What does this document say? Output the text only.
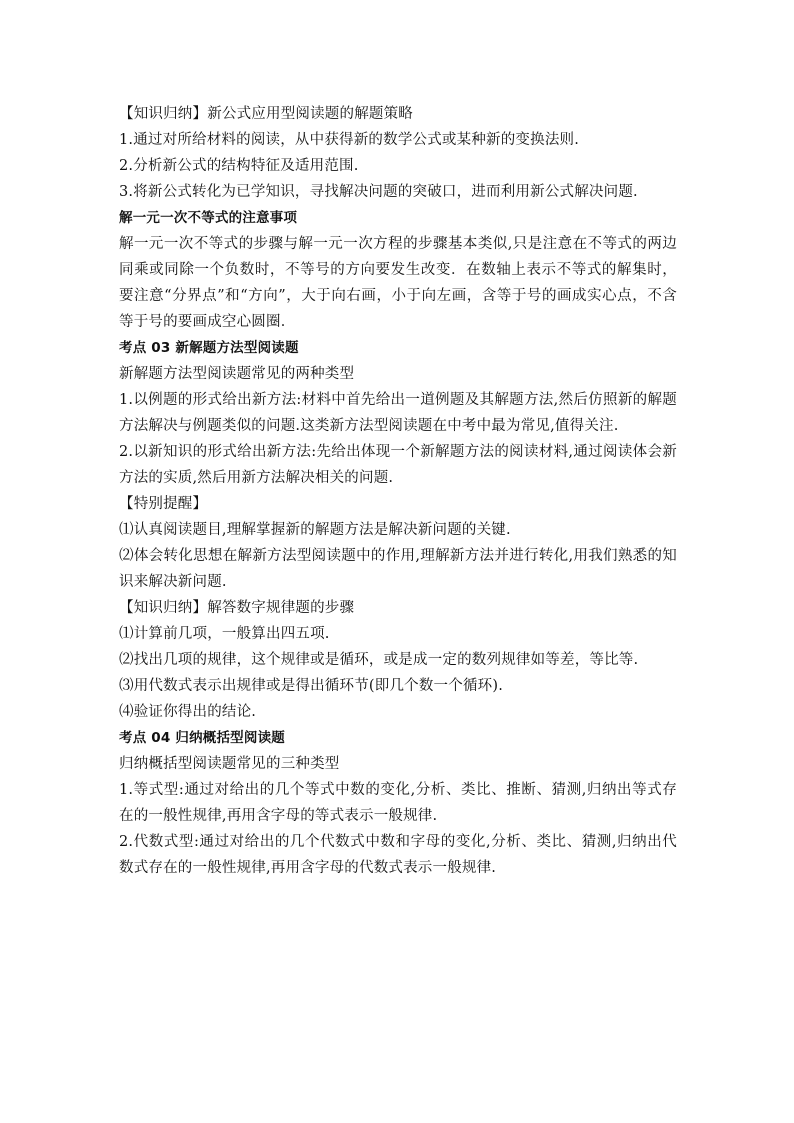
【知识归纳】新公式应用型阅读题的解题策略
1.通过对所给材料的阅读，从中获得新的数学公式或某种新的变换法则.
2.分析新公式的结构特征及适用范围.
3.将新公式转化为已学知识，寻找解决问题的突破口，进而利用新公式解决问题.
解一元一次不等式的注意事项
解一元一次不等式的步骤与解一元一次方程的步骤基本类似,只是注意在不等式的两边同乘或同除一个负数时，不等号的方向要发生改变．在数轴上表示不等式的解集时，要注意“分界点”和“方向”，大于向右画，小于向左画，含等于号的画成实心点，不含等于号的要画成空心圆圈．
考点 03 新解题方法型阅读题
新解题方法型阅读题常见的两种类型
1.以例题的形式给出新方法:材料中首先给出一道例题及其解题方法,然后仿照新的解题方法解决与例题类似的问题.这类新方法型阅读题在中考中最为常见,值得关注.
2.以新知识的形式给出新方法:先给出体现一个新解题方法的阅读材料,通过阅读体会新方法的实质,然后用新方法解决相关的问题.
【特别提醒】
⑴认真阅读题目,理解掌握新的解题方法是解决新问题的关键.
⑵体会转化思想在解新方法型阅读题中的作用,理解新方法并进行转化,用我们熟悉的知识来解决新问题.
【知识归纳】解答数字规律题的步骤
⑴计算前几项，一般算出四五项.
⑵找出几项的规律，这个规律或是循环，或是成一定的数列规律如等差，等比等.
⑶用代数式表示出规律或是得出循环节(即几个数一个循环).
⑷验证你得出的结论.
考点 04 归纳概括型阅读题
归纳概括型阅读题常见的三种类型
1.等式型:通过对给出的几个等式中数的变化,分析、类比、推断、猜测,归纳出等式存在的一般性规律,再用含字母的等式表示一般规律.
2.代数式型:通过对给出的几个代数式中数和字母的变化,分析、类比、猜测,归纳出代数式存在的一般性规律,再用含字母的代数式表示一般规律.
